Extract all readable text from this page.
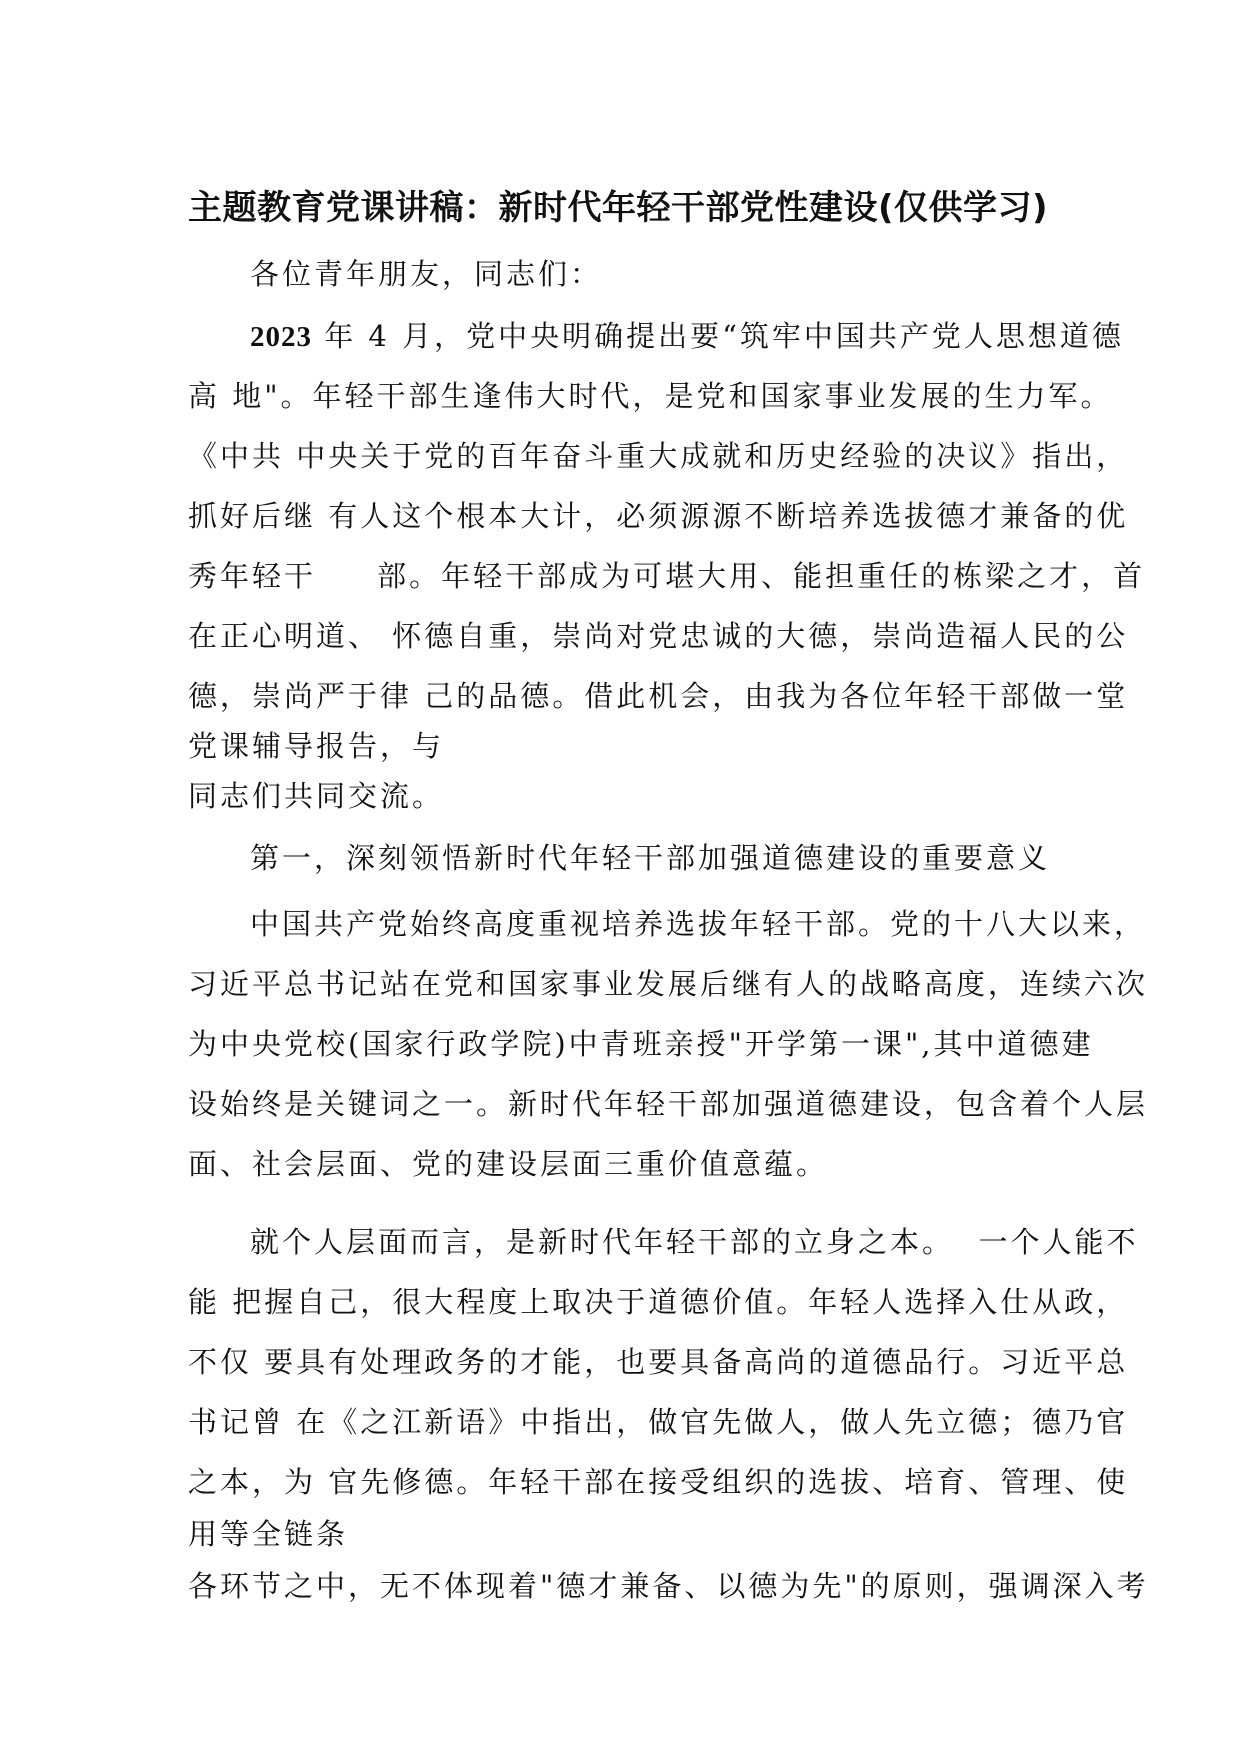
主题教育党课讲稿：新时代年轻干部党性建设(仅供学习)
各位青年朋友，同志们：
2023 年 4 月，党中央明确提出要“筑牢中国共产党人思想道德
高 地"。年轻干部生逢伟大时代，是党和国家事业发展的生力军。
《中共 中央关于党的百年奋斗重大成就和历史经验的决议》指出，
抓好后继 有人这个根本大计，必须源源不断培养选拔德才兼备的优
秀年轻干     部。年轻干部成为可堪大用、能担重任的栋梁之才，首
在正心明道、 怀德自重，崇尚对党忠诚的大德，崇尚造福人民的公
德，崇尚严于律 己的品德。借此机会，由我为各位年轻干部做一堂
党课辅导报告，与
同志们共同交流。
第一，深刻领悟新时代年轻干部加强道德建设的重要意义
中国共产党始终高度重视培养选拔年轻干部。党的十八大以来，
习近平总书记站在党和国家事业发展后继有人的战略高度，连续六次
为中央党校(国家行政学院)中青班亲授"开学第一课",其中道德建
设始终是关键词之一。新时代年轻干部加强道德建设，包含着个人层
面、社会层面、党的建设层面三重价值意蕴。
就个人层面而言，是新时代年轻干部的立身之本。  一个人能不
能 把握自己，很大程度上取决于道德价值。年轻人选择入仕从政，
不仅 要具有处理政务的才能，也要具备高尚的道德品行。习近平总
书记曾 在《之江新语》中指出，做官先做人，做人先立德；德乃官
之本，为 官先修德。年轻干部在接受组织的选拔、培育、管理、使
用等全链条
各环节之中，无不体现着"德才兼备、以德为先"的原则，强调深入考
